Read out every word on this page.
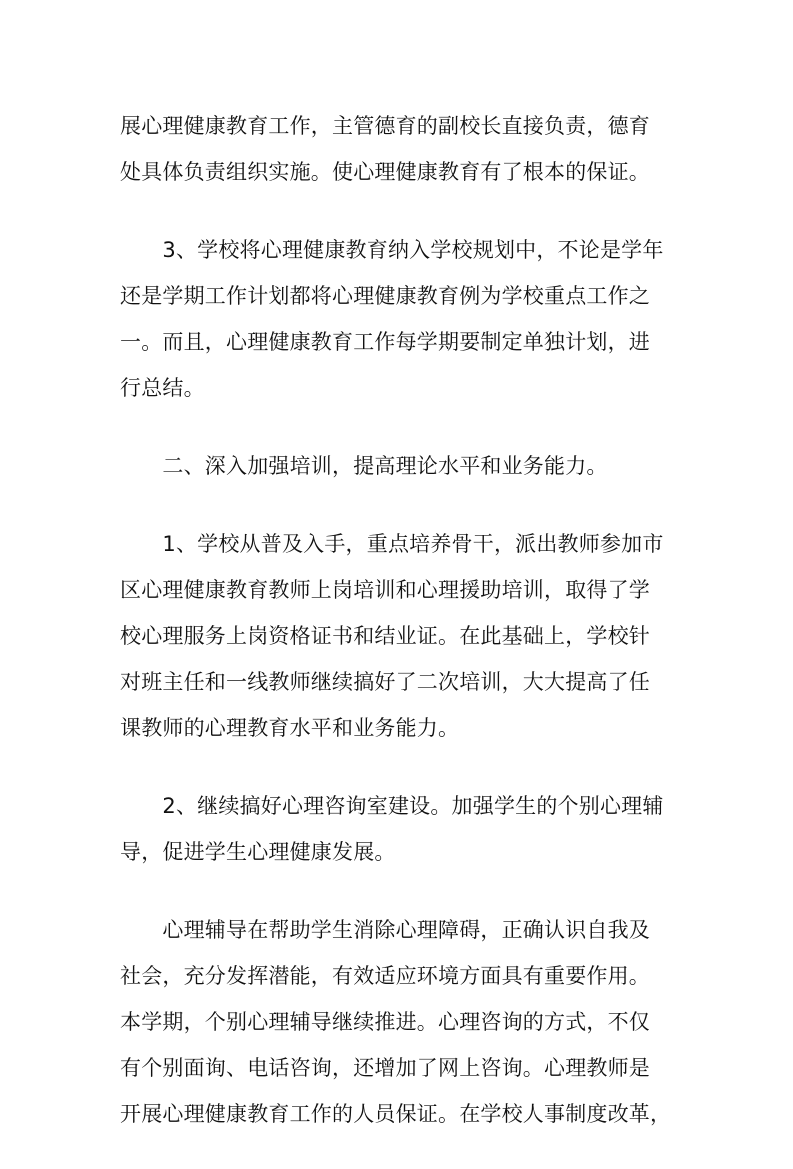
展心理健康教育工作，主管德育的副校长直接负责，德育
处具体负责组织实施。使心理健康教育有了根本的保证。

　　3、学校将心理健康教育纳入学校规划中，不论是学年
还是学期工作计划都将心理健康教育例为学校重点工作之
一。而且，心理健康教育工作每学期要制定单独计划，进
行总结。

　　二、深入加强培训，提高理论水平和业务能力。

　　1、学校从普及入手，重点培养骨干，派出教师参加市
区心理健康教育教师上岗培训和心理援助培训，取得了学
校心理服务上岗资格证书和结业证。在此基础上，学校针
对班主任和一线教师继续搞好了二次培训，大大提高了任
课教师的心理教育水平和业务能力。

　　2、继续搞好心理咨询室建设。加强学生的个别心理辅
导，促进学生心理健康发展。

　　心理辅导在帮助学生消除心理障碍，正确认识自我及
社会，充分发挥潜能，有效适应环境方面具有重要作用。
本学期，个别心理辅导继续推进。心理咨询的方式，不仅
有个别面询、电话咨询，还增加了网上咨询。心理教师是
开展心理健康教育工作的人员保证。在学校人事制度改革，
